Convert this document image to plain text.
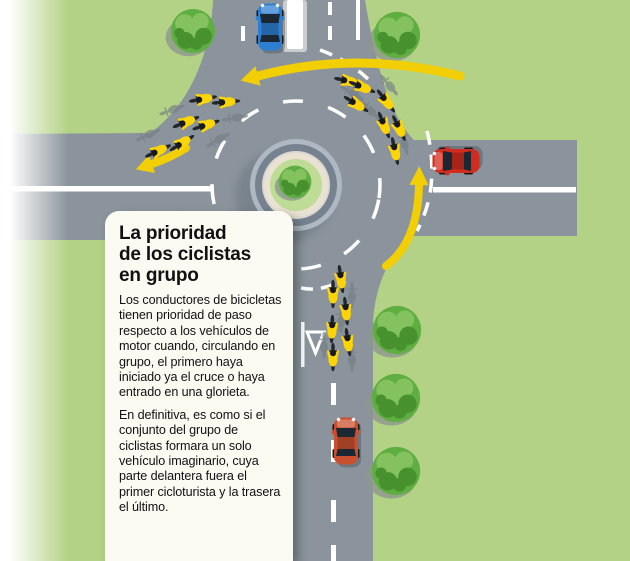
La prioridad
de los ciclistas
en grupo

Los conductores de bicicletas tienen prioridad de paso respecto a los vehículos de motor cuando, circulando en grupo, el primero haya iniciado ya el cruce o haya entrado en una glorieta.

En definitiva, es como si el conjunto del grupo de ciclistas formara un solo vehículo imaginario, cuya parte delantera fuera el primer cicloturista y la trasera el último.
